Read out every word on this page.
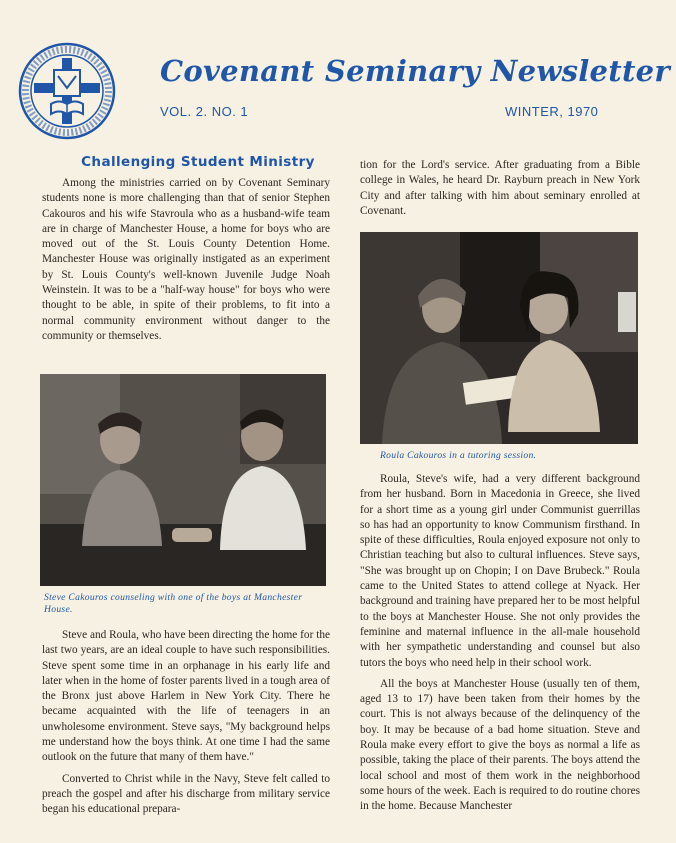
Covenant Seminary Newsletter
VOL. 2. NO. 1	WINTER, 1970
Challenging Student Ministry

Among the ministries carried on by Covenant Seminary students none is more challenging than that of senior Stephen Cakouros and his wife Stavroula who as a husband-wife team are in charge of Manchester House, a home for boys who are moved out of the St. Louis County Detention Home. Manchester House was originally instigated as an experiment by St. Louis County's well-known Juvenile Judge Noah Weinstein. It was to be a "half-way house" for boys who were thought to be able, in spite of their problems, to fit into a normal community environment without danger to the community or themselves.

Steve Cakouros counseling with one of the boys at Manchester House.

Steve and Roula, who have been directing the home for the last two years, are an ideal couple to have such responsibilities. Steve spent some time in an orphanage in his early life and later when in the home of foster parents lived in a tough area of the Bronx just above Harlem in New York City. There he became acquainted with the life of teenagers in an unwholesome environment. Steve says, "My background helps me understand how the boys think. At one time I had the same outlook on the future that many of them have."

Converted to Christ while in the Navy, Steve felt called to preach the gospel and after his discharge from military service began his educational prepara-

tion for the Lord's service. After graduating from a Bible college in Wales, he heard Dr. Rayburn preach in New York City and after talking with him about seminary enrolled at Covenant.

Roula Cakouros in a tutoring session.

Roula, Steve's wife, had a very different background from her husband. Born in Macedonia in Greece, she lived for a short time as a young girl under Communist guerrillas so has had an opportunity to know Communism firsthand. In spite of these difficulties, Roula enjoyed exposure not only to Christian teaching but also to cultural influences. Steve says, "She was brought up on Chopin; I on Dave Brubeck." Roula came to the United States to attend college at Nyack. Her background and training have prepared her to be most helpful to the boys at Manchester House. She not only provides the feminine and maternal influence in the all-male household with her sympathetic understanding and counsel but also tutors the boys who need help in their school work.

All the boys at Manchester House (usually ten of them, aged 13 to 17) have been taken from their homes by the court. This is not always because of the delinquency of the boy. It may be because of a bad home situation. Steve and Roula make every effort to give the boys as normal a life as possible, taking the place of their parents. The boys attend the local school and most of them work in the neighborhood some hours of the week. Each is required to do routine chores in the home. Because Manchester
